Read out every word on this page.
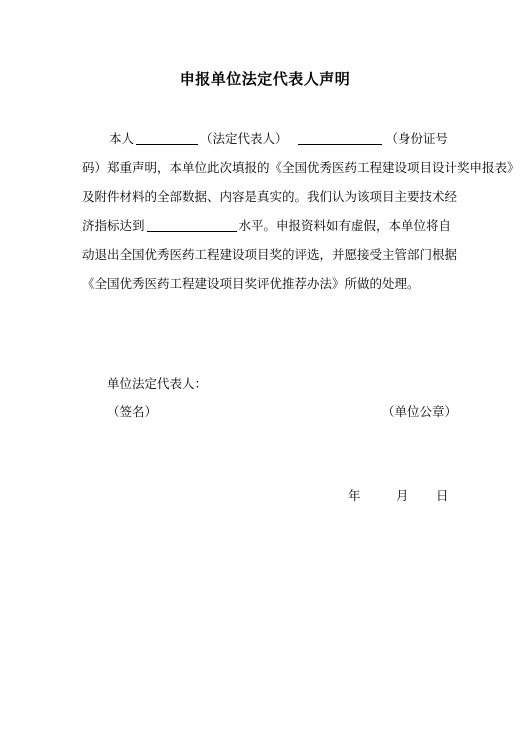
申报单位法定代表人声明
本人	（法定代表人）	（身份证号
码）郑重声明，本单位此次填报的《全国优秀医药工程建设项目设计奖申报表》
及附件材料的全部数据、内容是真实的。我们认为该项目主要技术经
济指标达到	水平。申报资料如有虚假，本单位将自
动退出全国优秀医药工程建设项目奖的评选，并愿接受主管部门根据
《全国优秀医药工程建设项目奖评优推荐办法》所做的处理。
单位法定代表人：
（签名）	（单位公章）
年	月 日
